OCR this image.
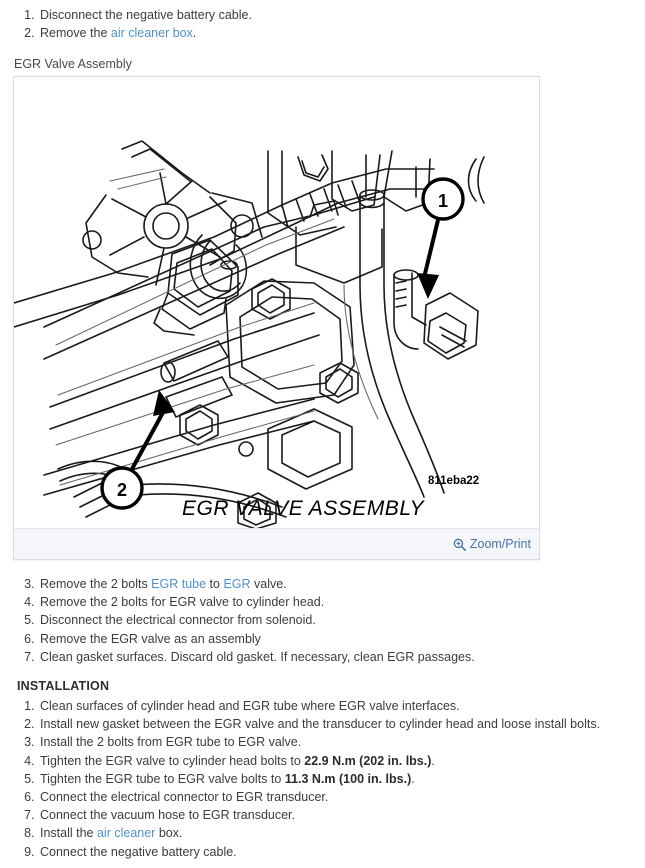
1. Disconnect the negative battery cable.
2. Remove the air cleaner box.
EGR Valve Assembly
1
2	811eba22
EGR VALVE ASSEMBLY
Zoom/Print
3. Remove the 2 bolts EGR tube to EGR valve.
4. Remove the 2 bolts for EGR valve to cylinder head.
5. Disconnect the electrical connector from solenoid.
6. Remove the EGR valve as an assembly
7. Clean gasket surfaces. Discard old gasket. If necessary, clean EGR passages.
INSTALLATION
1. Clean surfaces of cylinder head and EGR tube where EGR valve interfaces.
2. Install new gasket between the EGR valve and the transducer to cylinder head and loose install bolts.
3. Install the 2 bolts from EGR tube to EGR valve.
4. Tighten the EGR valve to cylinder head bolts to 22.9 N.m (202 in. lbs.).
5. Tighten the EGR tube to EGR valve bolts to 11.3 N.m (100 in. lbs.).
6. Connect the electrical connector to EGR transducer.
7. Connect the vacuum hose to EGR transducer.
8. Install the air cleaner box.
9. Connect the negative battery cable.
